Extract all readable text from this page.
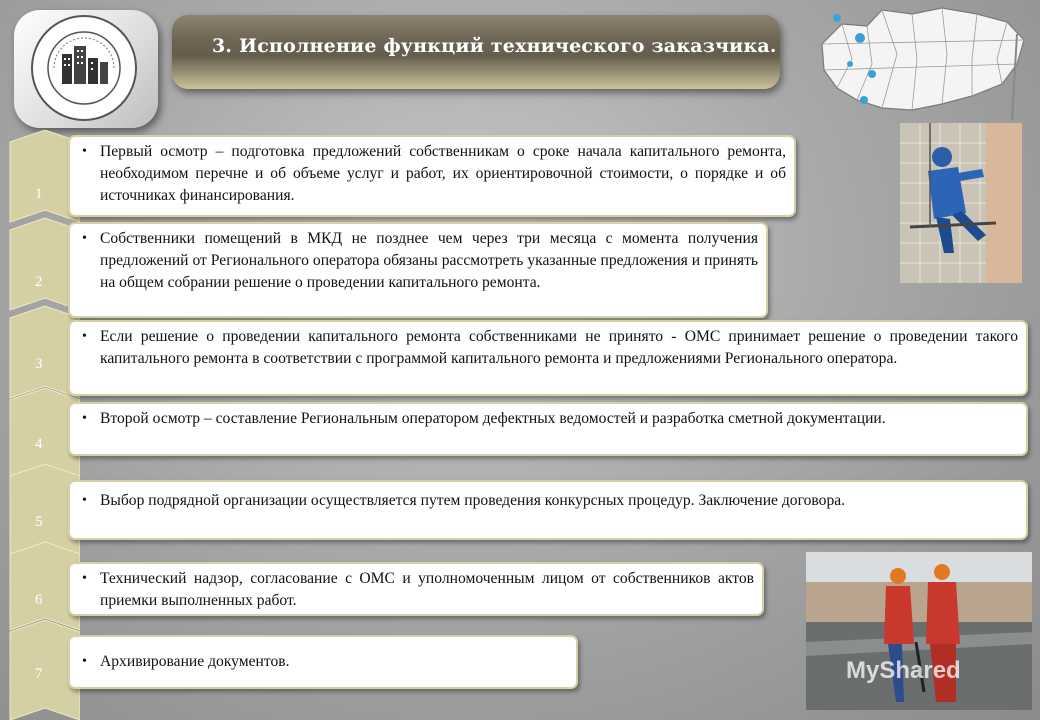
3. Исполнение функций технического заказчика.
1
2
3
4
5
6
7
• Первый осмотр – подготовка предложений собственникам о сроке начала капитального ремонта, необходимом перечне и об объеме услуг и работ, их ориентировочной стоимости, о порядке и об источниках финансирования.
• Собственники помещений в МКД не позднее чем через три месяца с момента получения предложений от Регионального оператора обязаны рассмотреть указанные предложения и принять на общем собрании решение о проведении капитального ремонта.
• Если решение о проведении капитального ремонта собственниками не принято - ОМС принимает решение о проведении такого капитального ремонта в соответствии с программой капитального ремонта и предложениями Регионального оператора.
• Второй осмотр – составление Региональным оператором дефектных ведомостей и разработка сметной документации.
• Выбор подрядной организации осуществляется путем проведения конкурсных процедур. Заключение договора.
• Технический надзор, согласование с ОМС и уполномоченным лицом от собственников актов приемки выполненных работ.
• Архивирование документов.	MyShared
